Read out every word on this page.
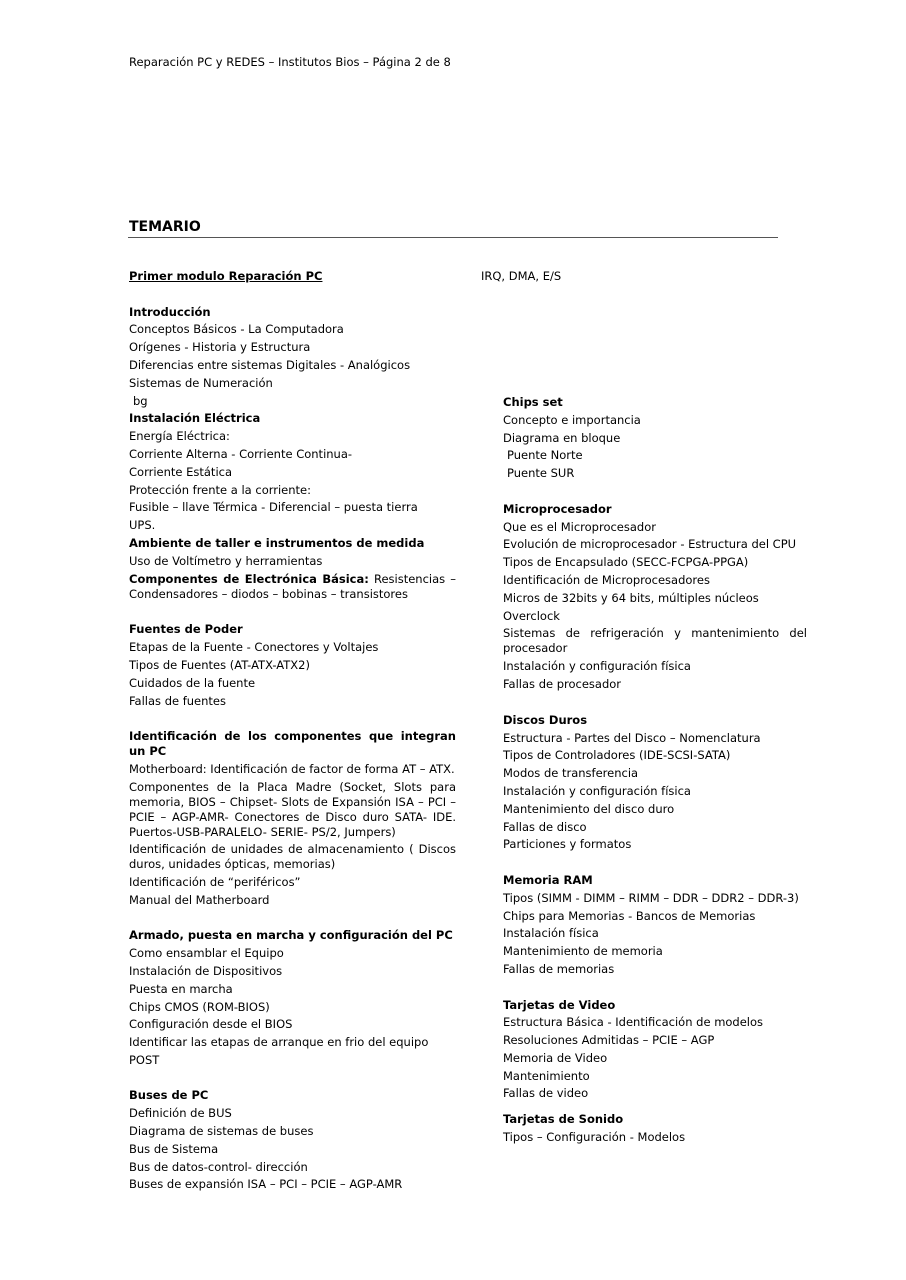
Reparación PC y REDES – Institutos Bios – Página 2 de 8
TEMARIO
Primer modulo Reparación PC
Introducción
Conceptos Básicos - La Computadora
Orígenes - Historia y Estructura
Diferencias entre sistemas Digitales - Analógicos
Sistemas de Numeración
bg
Instalación Eléctrica
Energía Eléctrica:
Corriente Alterna - Corriente Continua-
Corriente Estática
Protección frente a la corriente:
Fusible – llave Térmica - Diferencial – puesta tierra
UPS.
Ambiente de taller e instrumentos de medida
Uso de Voltímetro y herramientas
Componentes de Electrónica Básica: Resistencias – Condensadores – diodos – bobinas – transistores
Fuentes de Poder
Etapas de la Fuente - Conectores y Voltajes
Tipos de Fuentes (AT-ATX-ATX2)
Cuidados de la fuente
Fallas de fuentes
Identificación de los componentes que integran un PC
Motherboard: Identificación de factor de forma AT – ATX.
Componentes de la Placa Madre (Socket, Slots para memoria, BIOS – Chipset- Slots de Expansión ISA – PCI – PCIE – AGP-AMR- Conectores de Disco duro SATA- IDE. Puertos-USB-PARALELO- SERIE- PS/2, Jumpers)
Identificación de unidades de almacenamiento ( Discos duros, unidades ópticas, memorias)
Identificación de “periféricos”
Manual del Matherboard
Armado, puesta en marcha y configuración del PC
Como ensamblar el Equipo
Instalación de Dispositivos
Puesta en marcha
Chips CMOS (ROM-BIOS)
Configuración desde el BIOS
Identificar las etapas de arranque en frio del equipo POST
Buses de PC
Definición de BUS
Diagrama de sistemas de buses
Bus de Sistema
Bus de datos-control- dirección
Buses de expansión ISA – PCI – PCIE – AGP-AMR
IRQ, DMA, E/S
Chips set
Concepto e importancia
Diagrama en bloque
Puente Norte
Puente SUR
Microprocesador
Que es el Microprocesador
Evolución de microprocesador - Estructura del CPU
Tipos de Encapsulado (SECC-FCPGA-PPGA)
Identificación de Microprocesadores
Micros de 32bits y 64 bits, múltiples núcleos
Overclock
Sistemas de refrigeración y mantenimiento del procesador
Instalación y configuración física
Fallas de procesador
Discos Duros
Estructura - Partes del Disco – Nomenclatura
Tipos de Controladores (IDE-SCSI-SATA)
Modos de transferencia
Instalación y configuración física
Mantenimiento del disco duro
Fallas de disco
Particiones y formatos
Memoria RAM
Tipos (SIMM - DIMM – RIMM – DDR – DDR2 – DDR-3)
Chips para Memorias - Bancos de Memorias
Instalación física
Mantenimiento de memoria
Fallas de memorias
Tarjetas de Video
Estructura Básica - Identificación de modelos
Resoluciones Admitidas – PCIE – AGP
Memoria de Video
Mantenimiento
Fallas de video
Tarjetas de Sonido
Tipos – Configuración - Modelos
